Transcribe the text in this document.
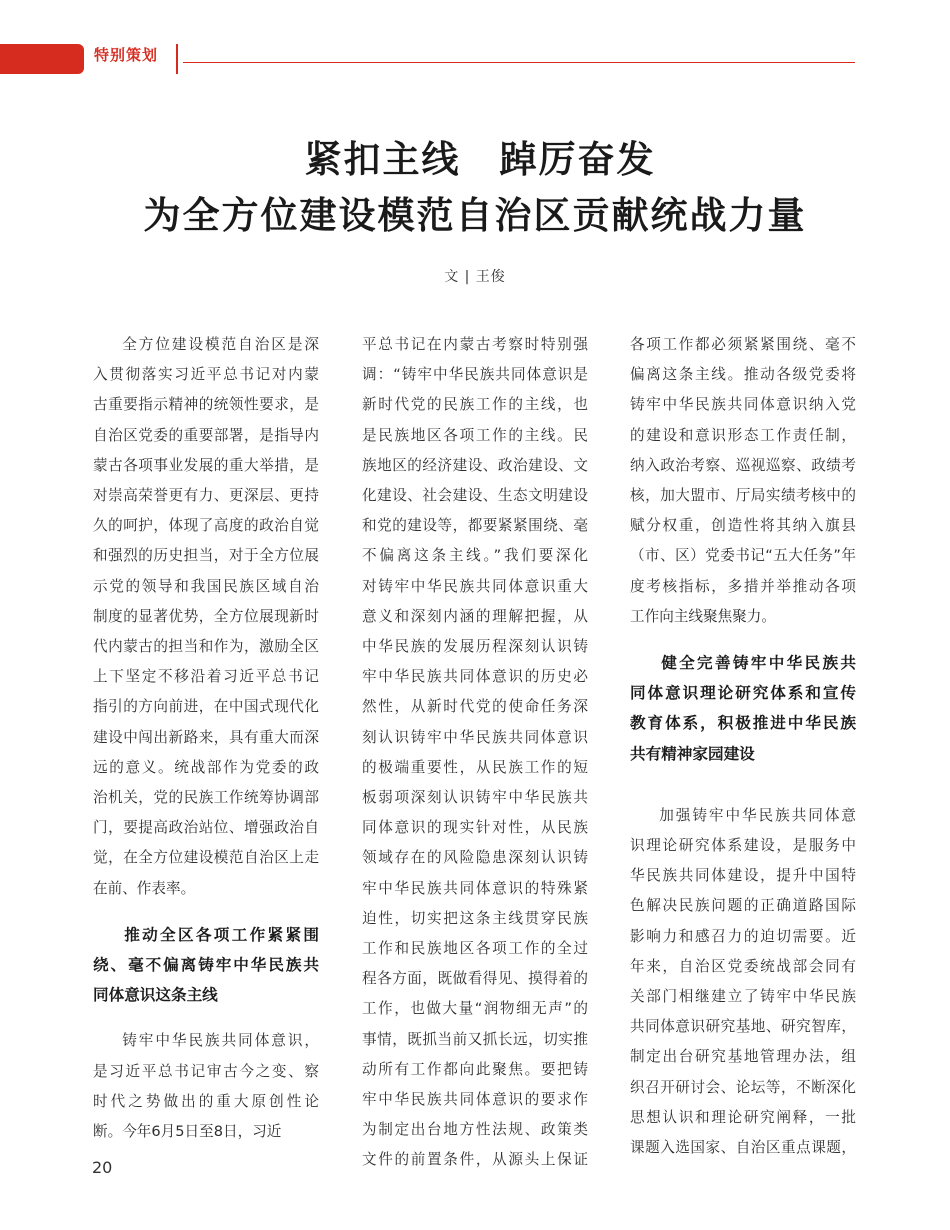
特别策划
紧扣主线　踔厉奋发
为全方位建设模范自治区贡献统战力量
文 | 王俊

全方位建设模范自治区是深
入贯彻落实习近平总书记对内蒙
古重要指示精神的统领性要求，是
自治区党委的重要部署，是指导内
蒙古各项事业发展的重大举措，是
对崇高荣誉更有力、更深层、更持
久的呵护，体现了高度的政治自觉
和强烈的历史担当，对于全方位展
示党的领导和我国民族区域自治
制度的显著优势，全方位展现新时
代内蒙古的担当和作为，激励全区
上下坚定不移沿着习近平总书记
指引的方向前进，在中国式现代化
建设中闯出新路来，具有重大而深
远的意义。统战部作为党委的政
治机关，党的民族工作统筹协调部
门，要提高政治站位、增强政治自
觉，在全方位建设模范自治区上走
在前、作表率。

推动全区各项工作紧紧围
绕、毫不偏离铸牢中华民族共
同体意识这条主线

铸牢中华民族共同体意识，
是习近平总书记审古今之变、察
时代之势做出的重大原创性论
断。今年6月5日至8日，习近

平总书记在内蒙古考察时特别强
调：“铸牢中华民族共同体意识是
新时代党的民族工作的主线，也
是民族地区各项工作的主线。民
族地区的经济建设、政治建设、文
化建设、社会建设、生态文明建设
和党的建设等，都要紧紧围绕、毫
不偏离这条主线。”我们要深化
对铸牢中华民族共同体意识重大
意义和深刻内涵的理解把握，从
中华民族的发展历程深刻认识铸
牢中华民族共同体意识的历史必
然性，从新时代党的使命任务深
刻认识铸牢中华民族共同体意识
的极端重要性，从民族工作的短
板弱项深刻认识铸牢中华民族共
同体意识的现实针对性，从民族
领域存在的风险隐患深刻认识铸
牢中华民族共同体意识的特殊紧
迫性，切实把这条主线贯穿民族
工作和民族地区各项工作的全过
程各方面，既做看得见、摸得着的
工作，也做大量“润物细无声”的
事情，既抓当前又抓长远，切实推
动所有工作都向此聚焦。要把铸
牢中华民族共同体意识的要求作
为制定出台地方性法规、政策类
文件的前置条件，从源头上保证

各项工作都必须紧紧围绕、毫不
偏离这条主线。推动各级党委将
铸牢中华民族共同体意识纳入党
的建设和意识形态工作责任制，
纳入政治考察、巡视巡察、政绩考
核，加大盟市、厅局实绩考核中的
赋分权重，创造性将其纳入旗县
（市、区）党委书记“五大任务”年
度考核指标，多措并举推动各项
工作向主线聚焦聚力。

健全完善铸牢中华民族共
同体意识理论研究体系和宣传
教育体系，积极推进中华民族
共有精神家园建设

加强铸牢中华民族共同体意
识理论研究体系建设，是服务中
华民族共同体建设，提升中国特
色解决民族问题的正确道路国际
影响力和感召力的迫切需要。近
年来，自治区党委统战部会同有
关部门相继建立了铸牢中华民族
共同体意识研究基地、研究智库，
制定出台研究基地管理办法，组
织召开研讨会、论坛等，不断深化
思想认识和理论研究阐释，一批
课题入选国家、自治区重点课题，

20
